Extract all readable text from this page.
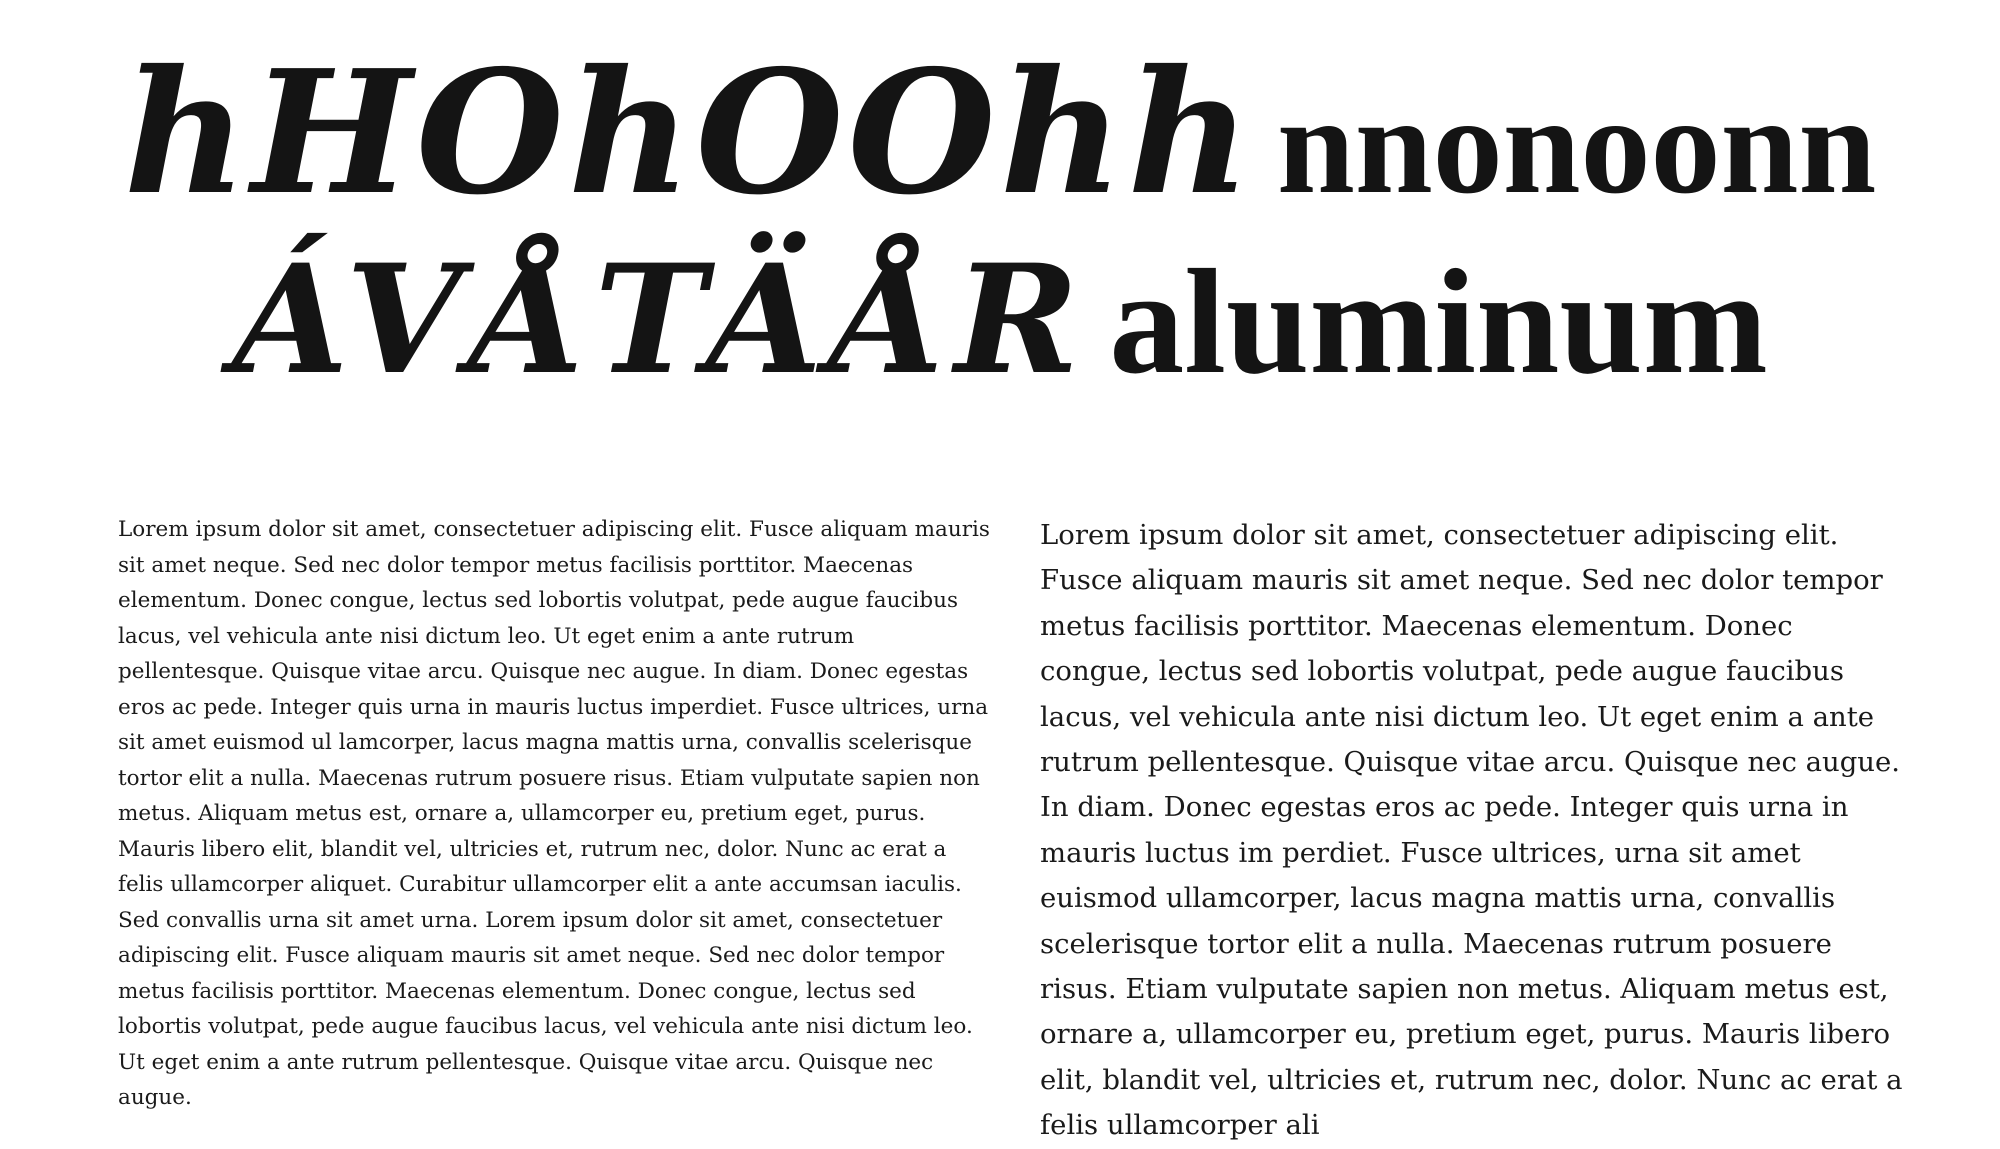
hHOhOOhh nnonoonn
ÁVÅTÄÅR aluminum

Lorem ipsum dolor sit amet, consectetuer adipiscing elit. Fusce aliquam mauris sit amet neque. Sed nec dolor tempor metus facilisis porttitor. Maecenas elementum. Donec congue, lectus sed lobortis volutpat, pede augue faucibus lacus, vel vehicula ante nisi dictum leo. Ut eget enim a ante rutrum pellentesque. Quisque vitae arcu. Quisque nec augue. In diam. Donec egestas eros ac pede. Integer quis urna in mauris luctus imperdiet. Fusce ultrices, urna sit amet euismod ul lamcorper, lacus magna mattis urna, convallis scelerisque tortor elit a nulla. Maecenas rutrum posuere risus. Etiam vulputate sapien non metus. Aliquam metus est, ornare a, ullamcorper eu, pretium eget, purus. Mauris libero elit, blandit vel, ultricies et, rutrum nec, dolor. Nunc ac erat a felis ullamcorper aliquet. Curabitur ullamcorper elit a ante accumsan iaculis. Sed convallis urna sit amet urna. Lorem ipsum dolor sit amet, consectetuer adipiscing elit. Fusce aliquam mauris sit amet neque. Sed nec dolor tempor metus facilisis porttitor. Maecenas elementum. Donec congue, lectus sed lobortis volutpat, pede augue faucibus lacus, vel vehicula ante nisi dictum leo. Ut eget enim a ante rutrum pellentesque. Quisque vitae arcu. Quisque nec augue.

Lorem ipsum dolor sit amet, consectetuer adipiscing elit. Fusce aliquam mauris sit amet neque. Sed nec dolor tempor metus facilisis porttitor. Maecenas elementum. Donec congue, lectus sed lobortis volutpat, pede augue faucibus lacus, vel vehicula ante nisi dictum leo. Ut eget enim a ante rutrum pellentesque. Quisque vitae arcu. Quisque nec augue. In diam. Donec egestas eros ac pede. Integer quis urna in mauris luctus im perdiet. Fusce ultrices, urna sit amet euismod ullamcorper, lacus magna mattis urna, convallis scelerisque tortor elit a nulla. Maecenas rutrum posuere risus. Etiam vulputate sapien non metus. Aliquam metus est, ornare a, ullamcorper eu, pretium eget, purus. Mauris libero elit, blandit vel, ultricies et, rutrum nec, dolor. Nunc ac erat a felis ullamcorper ali
